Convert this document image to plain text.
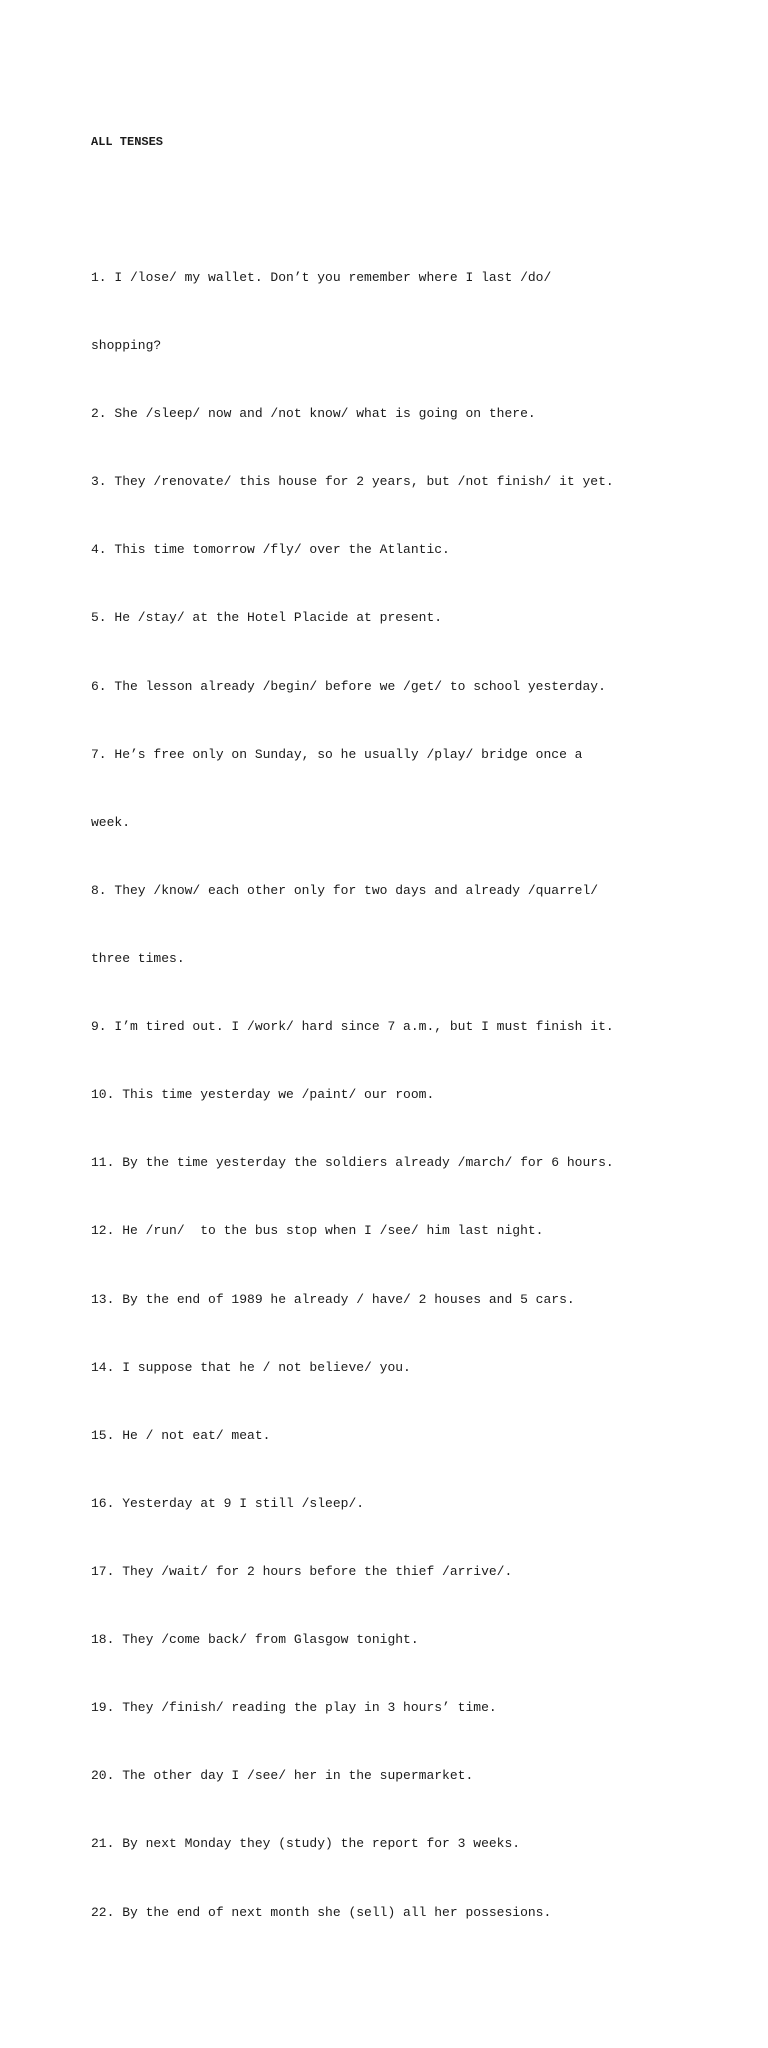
ALL TENSES

1. I /lose/ my wallet. Don’t you remember where I last /do/

shopping?

2. She /sleep/ now and /not know/ what is going on there.

3. They /renovate/ this house for 2 years, but /not finish/ it yet.

4. This time tomorrow /fly/ over the Atlantic.

5. He /stay/ at the Hotel Placide at present.

6. The lesson already /begin/ before we /get/ to school yesterday.

7. He’s free only on Sunday, so he usually /play/ bridge once a

week.

8. They /know/ each other only for two days and already /quarrel/

three times.

9. I’m tired out. I /work/ hard since 7 a.m., but I must finish it.

10. This time yesterday we /paint/ our room.

11. By the time yesterday the soldiers already /march/ for 6 hours.

12. He /run/  to the bus stop when I /see/ him last night.

13. By the end of 1989 he already / have/ 2 houses and 5 cars.

14. I suppose that he / not believe/ you.

15. He / not eat/ meat.

16. Yesterday at 9 I still /sleep/.

17. They /wait/ for 2 hours before the thief /arrive/.

18. They /come back/ from Glasgow tonight.

19. They /finish/ reading the play in 3 hours’ time.

20. The other day I /see/ her in the supermarket.

21. By next Monday they (study) the report for 3 weeks.

22. By the end of next month she (sell) all her possesions.
